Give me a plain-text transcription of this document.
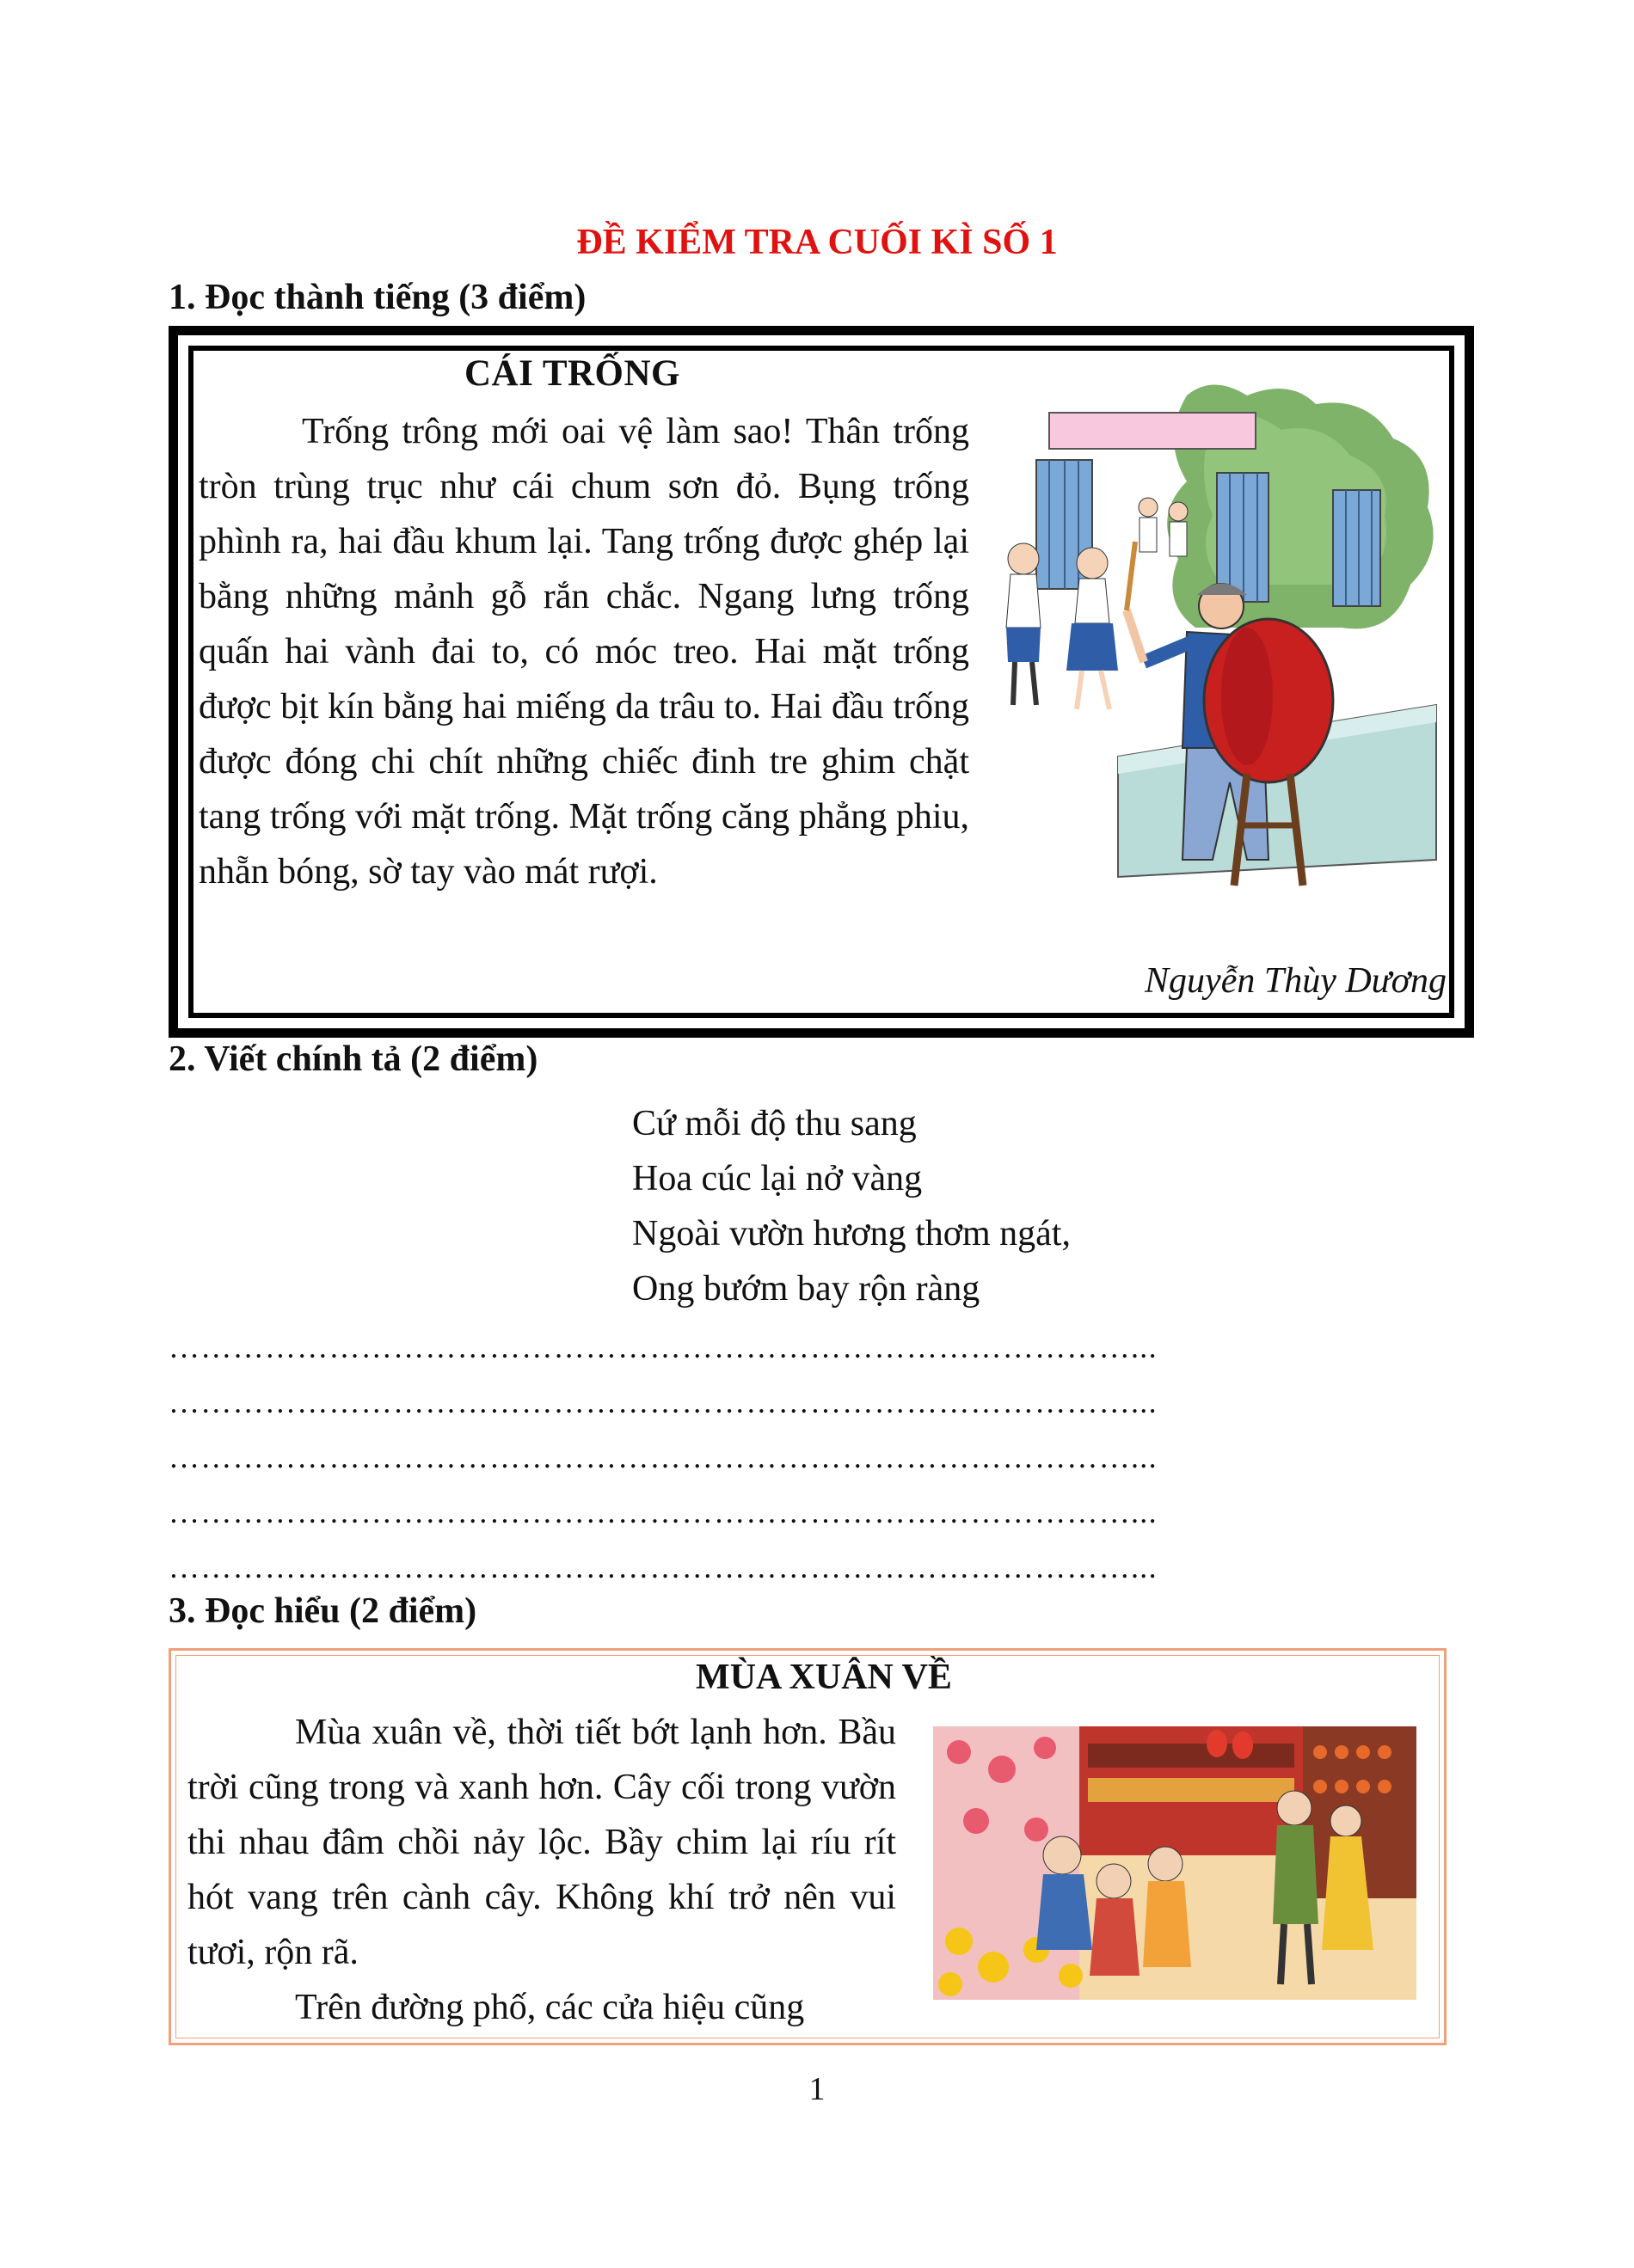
ĐỀ KIỂM TRA CUỐI KÌ SỐ 1
1. Đọc thành tiếng (3 điểm)
CÁI TRỐNG
Trống trông mới oai vệ làm sao! Thân trống tròn trùng trục như cái chum sơn đỏ. Bụng trống phình ra, hai đầu khum lại. Tang trống được ghép lại bằng những mảnh gỗ rắn chắc. Ngang lưng trống quấn hai vành đai to, có móc treo. Hai mặt trống được bịt kín bằng hai miếng da trâu to. Hai đầu trống được đóng chi chít những chiếc đinh tre ghim chặt tang trống với mặt trống. Mặt trống căng phẳng phiu, nhẵn bóng, sờ tay vào mát rượi.
Nguyễn Thùy Dương
2. Viết chính tả (2 điểm)
Cứ mỗi độ thu sang
Hoa cúc lại nở vàng
Ngoài vườn hương thơm ngát,
Ong bướm bay rộn ràng
………………………………………………………………………………...
………………………………………………………………………………...
………………………………………………………………………………...
………………………………………………………………………………...
………………………………………………………………………………...
3. Đọc hiểu (2 điểm)
MÙA XUÂN VỀ

Mùa xuân về, thời tiết bớt lạnh hơn. Bầu trời cũng trong và xanh hơn. Cây cối trong vườn thi nhau đâm chồi nảy lộc. Bầy chim lại ríu rít hót vang trên cành cây. Không khí trở nên vui tươi, rộn rã.

Trên đường phố, các cửa hiệu cũng

1
